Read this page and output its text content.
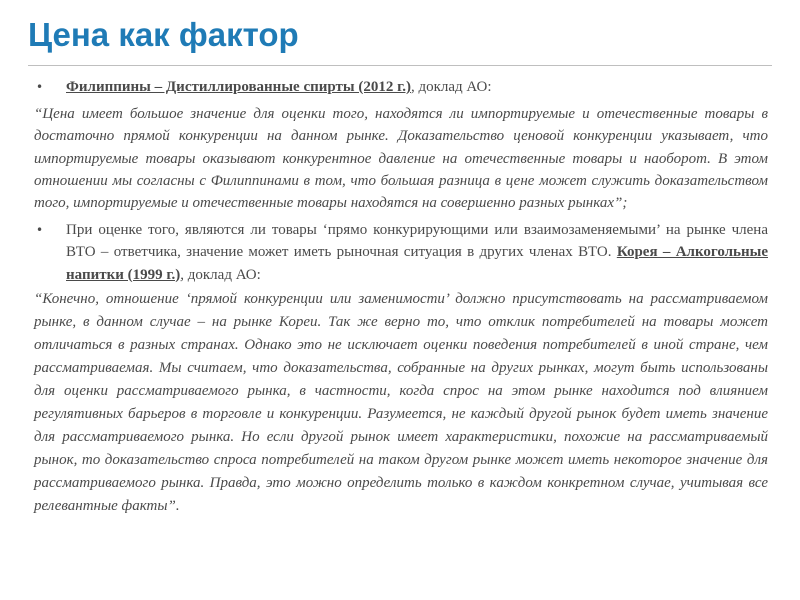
Цена как фактор
•	Филиппины – Дистиллированные спирты (2012 г.), доклад АО:
“Цена имеет большое значение для оценки того, находятся ли импортируемые и отечественные товары в достаточно прямой конкуренции на данном рынке. Доказательство ценовой конкуренции указывает, что импортируемые товары оказывают конкурентное давление на отечественные товары и наоборот. В этом отношении мы согласны с Филиппинами в том, что большая разница в цене может служить доказательством того, импортируемые и отечественные товары находятся на совершенно разных рынках”;
•	При оценке того, являются ли товары ‘прямо конкурирующими или взаимозаменяемыми’ на рынке члена ВТО – ответчика, значение может иметь рыночная ситуация в других членах ВТО. Корея – Алкогольные напитки (1999 г.), доклад АО:
“Конечно, отношение ‘прямой конкуренции или заменимости’ должно присутствовать на рассматриваемом рынке, в данном случае – на рынке Кореи. Так же верно то, что отклик потребителей на товары может отличаться в разных странах. Однако это не исключает оценки поведения потребителей в иной стране, чем рассматриваемая. Мы считаем, что доказательства, собранные на других рынках, могут быть использованы для оценки рассматриваемого рынка, в частности, когда спрос на этом рынке находится под влиянием регулятивных барьеров в торговле и конкуренции. Разумеется, не каждый другой рынок будет иметь значение для рассматриваемого рынка. Но если другой рынок имеет характеристики, похожие на рассматриваемый рынок, то доказательство спроса потребителей на таком другом рынке может иметь некоторое значение для рассматриваемого рынка. Правда, это можно определить только в каждом конкретном случае, учитывая все релевантные факты”.
